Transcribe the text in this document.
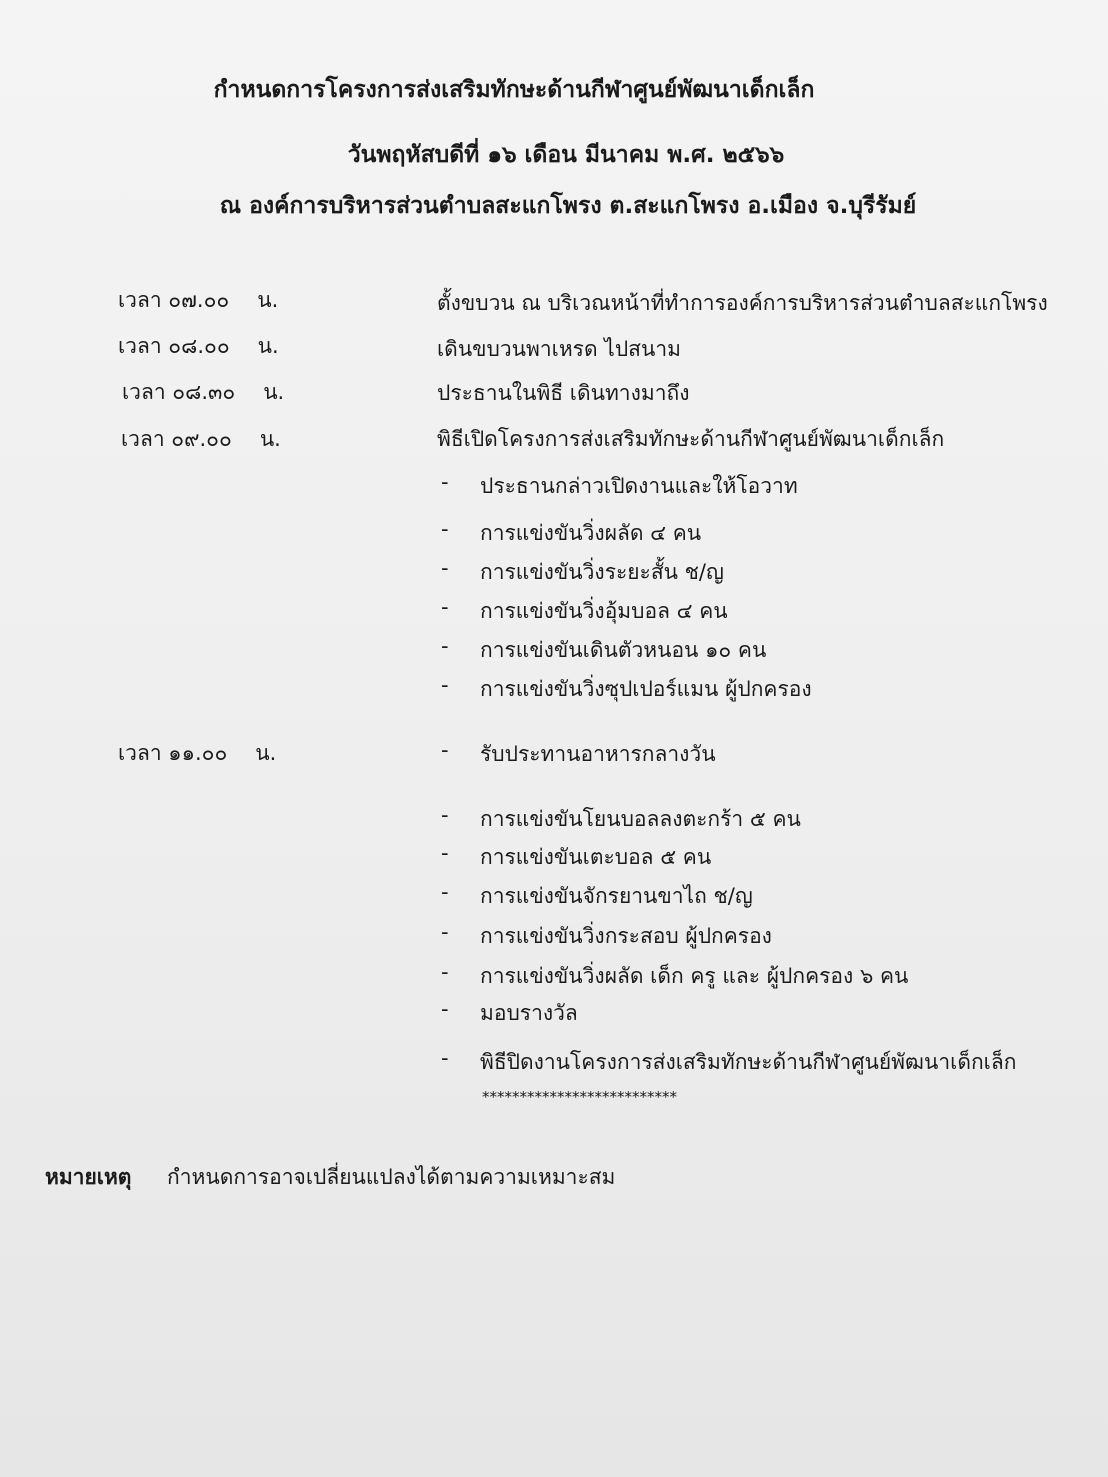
กำหนดการโครงการส่งเสริมทักษะด้านกีฬาศูนย์พัฒนาเด็กเล็ก
วันพฤหัสบดีที่ ๑๖ เดือน มีนาคม พ.ศ. ๒๕๖๖
ณ องค์การบริหารส่วนตำบลสะแกโพรง ต.สะแกโพรง อ.เมือง จ.บุรีรัมย์
เวลา ๐๗.๐๐ น.	ตั้งขบวน ณ บริเวณหน้าที่ทำการองค์การบริหารส่วนตำบลสะแกโพรง
เวลา ๐๘.๐๐ น.	เดินขบวนพาเหรด ไปสนาม
เวลา ๐๘.๓๐ น.	ประธานในพิธี เดินทางมาถึง
เวลา ๐๙.๐๐ น.	พิธีเปิดโครงการส่งเสริมทักษะด้านกีฬาศูนย์พัฒนาเด็กเล็ก
- ประธานกล่าวเปิดงานและให้โอวาท
- การแข่งขันวิ่งผลัด ๔ คน
- การแข่งขันวิ่งระยะสั้น ช/ญ
- การแข่งขันวิ่งอุ้มบอล ๔ คน
- การแข่งขันเดินตัวหนอน ๑๐ คน
- การแข่งขันวิ่งซุปเปอร์แมน ผู้ปกครอง
เวลา ๑๑.๐๐ น.	- รับประทานอาหารกลางวัน
- การแข่งขันโยนบอลลงตะกร้า ๕ คน
- การแข่งขันเตะบอล ๕ คน
- การแข่งขันจักรยานขาไถ ช/ญ
- การแข่งขันวิ่งกระสอบ ผู้ปกครอง
- การแข่งขันวิ่งผลัด เด็ก ครู และ ผู้ปกครอง ๖ คน
- มอบรางวัล
- พิธีปิดงานโครงการส่งเสริมทักษะด้านกีฬาศูนย์พัฒนาเด็กเล็ก
**************************
หมายเหตุ กำหนดการอาจเปลี่ยนแปลงได้ตามความเหมาะสม
